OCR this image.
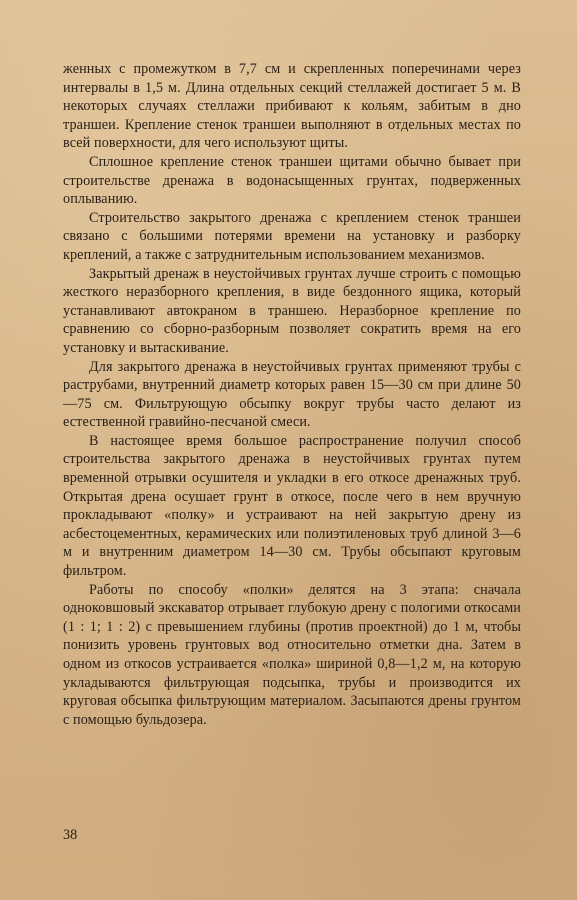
женных с промежутком в 7,7 см и скрепленных поперечинами через интервалы в 1,5 м. Длина отдельных секций стеллажей достигает 5 м. В некоторых случаях стеллажи прибивают к кольям, забитым в дно траншеи. Крепление стенок траншеи выполняют в отдельных местах по всей поверхности, для чего используют щиты.

Сплошное крепление стенок траншеи щитами обычно бывает при строительстве дренажа в водонасыщенных грунтах, подверженных оплыванию.

Строительство закрытого дренажа с креплением стенок траншеи связано с большими потерями времени на установку и разборку креплений, а также с затруднительным использованием механизмов.

Закрытый дренаж в неустойчивых грунтах лучше строить с помощью жесткого неразборного крепления, в виде бездонного ящика, который устанавливают автокраном в траншею. Неразборное крепление по сравнению со сборно-разборным позволяет сократить время на его установку и вытаскивание.

Для закрытого дренажа в неустойчивых грунтах применяют трубы с раструбами, внутренний диаметр которых равен 15—30 см при длине 50—75 см. Фильтрующую обсыпку вокруг трубы часто делают из естественной гравийно-песчаной смеси.

В настоящее время большое распространение получил способ строительства закрытого дренажа в неустойчивых грунтах путем временной отрывки осушителя и укладки в его откосе дренажных труб. Открытая дрена осушает грунт в откосе, после чего в нем вручную прокладывают «полку» и устраивают на ней закрытую дрену из асбестоцементных, керамических или полиэтиленовых труб длиной 3—6 м и внутренним диаметром 14—30 см. Трубы обсыпают круговым фильтром.

Работы по способу «полки» делятся на 3 этапа: сначала одноковшовый экскаватор отрывает глубокую дрену с пологими откосами (1 : 1; 1 : 2) с превышением глубины (против проектной) до 1 м, чтобы понизить уровень грунтовых вод относительно отметки дна. Затем в одном из откосов устраивается «полка» шириной 0,8—1,2 м, на которую укладываются фильтрующая подсыпка, трубы и производится их круговая обсыпка фильтрующим материалом. Засыпаются дрены грунтом с помощью бульдозера.

38
